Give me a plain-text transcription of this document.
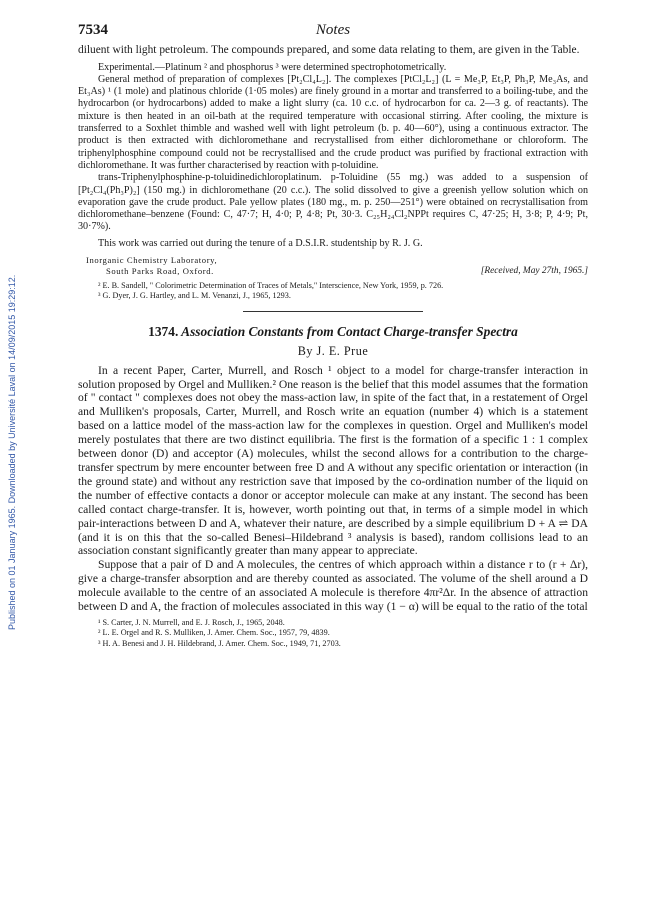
Published on 01 January 1965. Downloaded by Université Laval on 14/09/2015 19:29:12.
7534	Notes

diluent with light petroleum. The compounds prepared, and some data relating to them, are given in the Table.

Experimental.—Platinum ² and phosphorus ³ were determined spectrophotometrically.

General method of preparation of complexes [Pt₂Cl₄L₂]. The complexes [PtCl₂L₂] (L = Me₃P, Et₃P, Ph₃P, Me₃As, and Et₃As) ¹ (1 mole) and platinous chloride (1·05 moles) are finely ground in a mortar and transferred to a boiling-tube, and the hydrocarbon (or hydrocarbons) added to make a light slurry (ca. 10 c.c. of hydrocarbon for ca. 2—3 g. of reactants). The mixture is then heated in an oil-bath at the required temperature with occasional stirring. After cooling, the mixture is transferred to a Soxhlet thimble and washed well with light petroleum (b. p. 40—60°), using a continuous extractor. The product is then extracted with dichloromethane and recrystallised from either dichloromethane or chloroform. The triphenylphosphine compound could not be recrystallised and the crude product was purified by fractional extraction with dichloromethane. It was further characterised by reaction with p-toluidine.

trans-Triphenylphosphine-p-toluidinedichloroplatinum. p-Toluidine (55 mg.) was added to a suspension of [Pt₂Cl₄(Ph₃P)₂] (150 mg.) in dichloromethane (20 c.c.). The solid dissolved to give a greenish yellow solution which on evaporation gave the crude product. Pale yellow plates (180 mg., m. p. 250—251°) were obtained on recrystallisation from dichloromethane–benzene (Found: C, 47·7; H, 4·0; P, 4·8; Pt, 30·3. C₂₅H₂₄Cl₂NPPt requires C, 47·25; H, 3·8; P, 4·9; Pt, 30·7%).

This work was carried out during the tenure of a D.S.I.R. studentship by R. J. G.

Inorganic Chemistry Laboratory,
South Parks Road, Oxford.	[Received, May 27th, 1965.]

² E. B. Sandell, " Colorimetric Determination of Traces of Metals," Interscience, New York, 1959, p. 726.

³ G. Dyer, J. G. Hartley, and L. M. Venanzi, J., 1965, 1293.

1374. Association Constants from Contact Charge-transfer Spectra
By J. E. Prue

In a recent Paper, Carter, Murrell, and Rosch ¹ object to a model for charge-transfer interaction in solution proposed by Orgel and Mulliken.² One reason is the belief that this model assumes that the formation of " contact " complexes does not obey the mass-action law, in spite of the fact that, in a restatement of Orgel and Mulliken's proposals, Carter, Murrell, and Rosch write an equation (number 4) which is a statement based on a lattice model of the mass-action law for the complexes in question. Orgel and Mulliken's model merely postulates that there are two distinct equilibria. The first is the formation of a specific 1 : 1 complex between donor (D) and acceptor (A) molecules, whilst the second allows for a contribution to the charge-transfer spectrum by mere encounter between free D and A without any specific orientation or interaction (in the ground state) and without any restriction save that imposed by the co-ordination number of the liquid on the number of effective contacts a donor or acceptor molecule can make at any instant. The second has been called contact charge-transfer. It is, however, worth pointing out that, in terms of a simple model in which pair-interactions between D and A, whatever their nature, are described by a simple equilibrium D + A ⇌ DA (and it is on this that the so-called Benesi–Hildebrand ³ analysis is based), random collisions lead to an association constant significantly greater than many appear to appreciate.

Suppose that a pair of D and A molecules, the centres of which approach within a distance r to (r + Δr), give a charge-transfer absorption and are thereby counted as associated. The volume of the shell around a D molecule available to the centre of an associated A molecule is therefore 4πr²Δr. In the absence of attraction between D and A, the fraction of molecules associated in this way (1 − α) will be equal to the ratio of the total

¹ S. Carter, J. N. Murrell, and E. J. Rosch, J., 1965, 2048.

² L. E. Orgel and R. S. Mulliken, J. Amer. Chem. Soc., 1957, 79, 4839.

³ H. A. Benesi and J. H. Hildebrand, J. Amer. Chem. Soc., 1949, 71, 2703.
